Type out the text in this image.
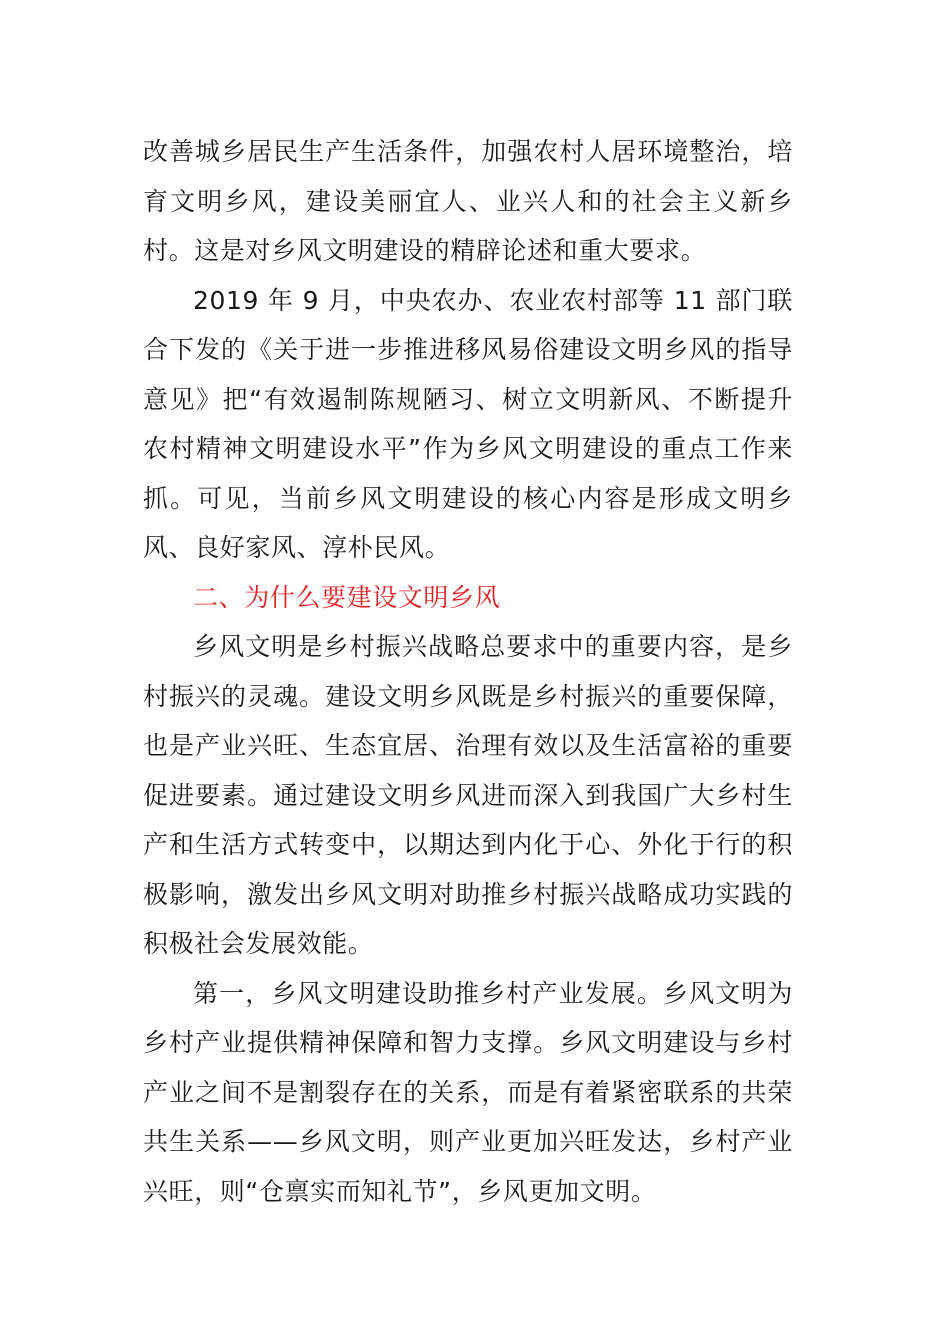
改善城乡居民生产生活条件，加强农村人居环境整治，培育文明乡风，建设美丽宜人、业兴人和的社会主义新乡村。这是对乡风文明建设的精辟论述和重大要求。

2019 年 9 月，中央农办、农业农村部等 11 部门联合下发的《关于进一步推进移风易俗建设文明乡风的指导意见》把“有效遏制陈规陋习、树立文明新风、不断提升农村精神文明建设水平”作为乡风文明建设的重点工作来抓。可见，当前乡风文明建设的核心内容是形成文明乡风、良好家风、淳朴民风。

二、为什么要建设文明乡风

乡风文明是乡村振兴战略总要求中的重要内容，是乡村振兴的灵魂。建设文明乡风既是乡村振兴的重要保障，也是产业兴旺、生态宜居、治理有效以及生活富裕的重要促进要素。通过建设文明乡风进而深入到我国广大乡村生产和生活方式转变中，以期达到内化于心、外化于行的积极影响，激发出乡风文明对助推乡村振兴战略成功实践的积极社会发展效能。

第一，乡风文明建设助推乡村产业发展。乡风文明为乡村产业提供精神保障和智力支撑。乡风文明建设与乡村产业之间不是割裂存在的关系，而是有着紧密联系的共荣共生关系——乡风文明，则产业更加兴旺发达，乡村产业兴旺，则“仓禀实而知礼节”，乡风更加文明。
